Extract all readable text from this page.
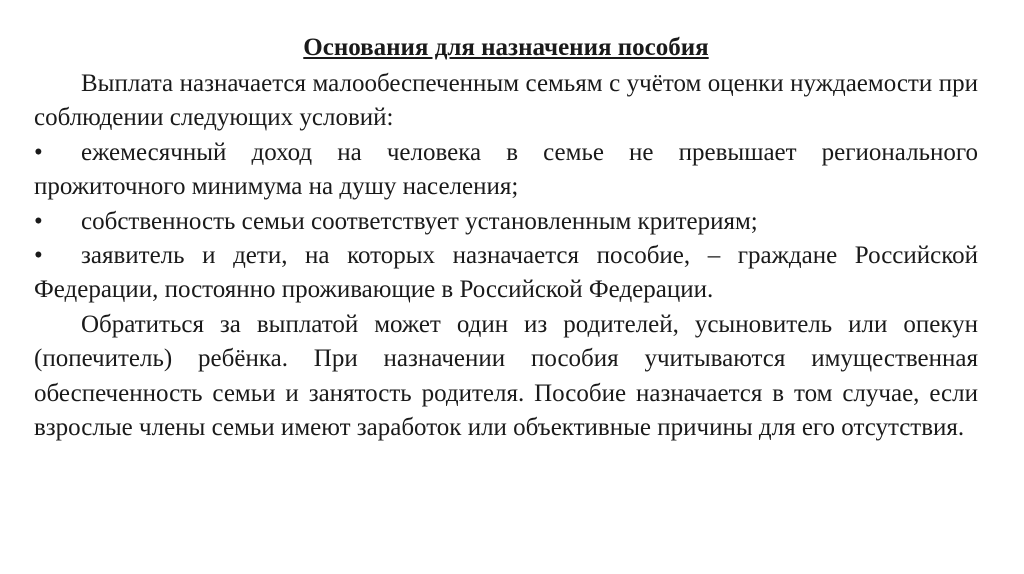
Основания для назначения пособия

Выплата назначается малообеспеченным семьям с учётом оценки нуждаемости при соблюдении следующих условий:

• ежемесячный доход на человека в семье не превышает регионального прожиточного минимума на душу населения;
• собственность семьи соответствует установленным критериям;
• заявитель и дети, на которых назначается пособие, – граждане Российской Федерации, постоянно проживающие в Российской Федерации.

Обратиться за выплатой может один из родителей, усыновитель или опекун (попечитель) ребёнка. При назначении пособия учитываются имущественная обеспеченность семьи и занятость родителя. Пособие назначается в том случае, если взрослые члены семьи имеют заработок или объективные причины для его отсутствия.
